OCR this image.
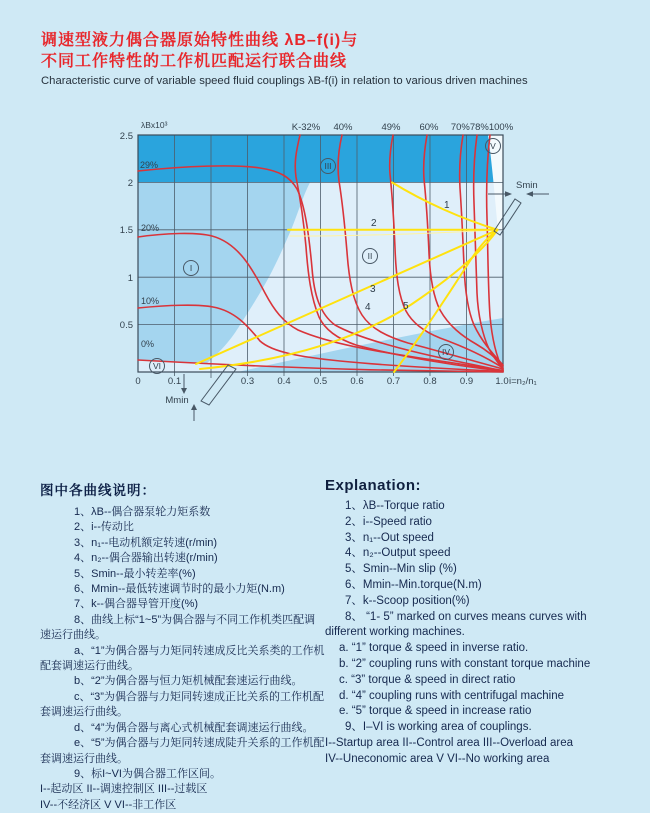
调速型液力偶合器原始特性曲线 λB–f(i)与
不同工作特性的工作机匹配运行联合曲线
Characteristic curve of variable speed fluid couplings λB-f(i) in relation to various driven machines
λBx10³
i=n₂/n₁
K-32% 40%	49% 60% 70%78%100%
29%
20%
10%
0%
2.5
2
1.5
1
0.5
0	0.1	0.3 0.4 0.5 0.6 0.7 0.8 0.9 1.0
1
2
3
4	5
I
II
III
IV
V
VI
Smin
Mmin
图中各曲线说明：
1、λB--偶合器泵轮力矩系数
2、i--传动比
3、n₁--电动机额定转速(r/min)
4、n₂--偶合器输出转速(r/min)
5、Smin--最小转差率(%)
6、Mmin--最低转速调节时的最小力矩(N.m)
7、k--偶合器导管开度(%)
8、曲线上标“1~5”为偶合器与不同工作机类匹配调速运行曲线。
a、“1”为偶合器与力矩同转速成反比关系类的工作机配套调速运行曲线。
b、“2”为偶合器与恒力矩机械配套速运行曲线。
c、“3”为偶合器与力矩同转速成正比关系的工作机配套调速运行曲线。
d、“4”为偶合器与离心式机械配套调速运行曲线。
e、“5”为偶合器与力矩同转速成陡升关系的工作机配套调速运行曲线。
9、标I~VI为偶合器工作区间。
I--起动区 II--调速控制区 III--过载区
IV--不经济区 V VI--非工作区
Explanation:
1、λB--Torque ratio
2、i--Speed ratio
3、n₁--Out speed
4、n₂--Output speed
5、Smin--Min slip (%)
6、Mmin--Min.torque(N.m)
7、k--Scoop position(%)
8、 “1- 5” marked on curves means curves with different working machines.
a. “1” torque & speed in inverse ratio.
b. “2” coupling runs with constant torque machine
c. “3” torque & speed in direct ratio
d. “4” coupling runs with centrifugal machine
e. “5” torque & speed in increase ratio
9、I–VI is working area of couplings.
I--Startup area II--Control area III--Overload area
IV--Uneconomic area V VI--No working area
